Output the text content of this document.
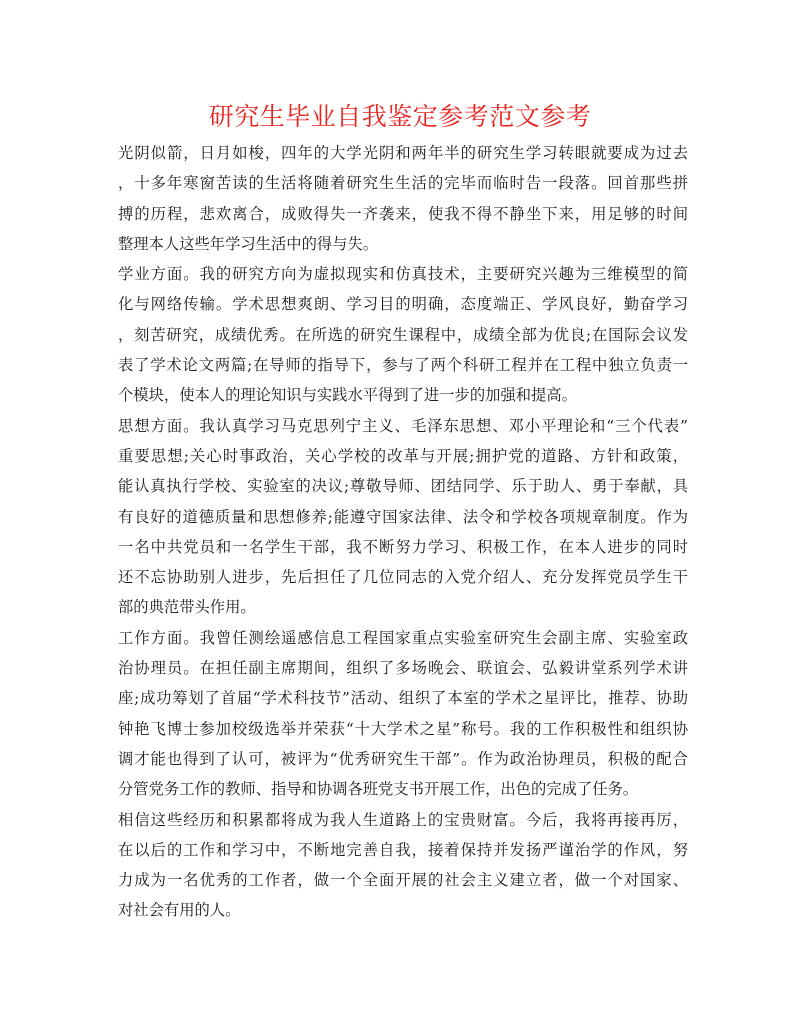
研究生毕业自我鉴定参考范文参考
光阴似箭，日月如梭，四年的大学光阴和两年半的研究生学习转眼就要成为过去
，十多年寒窗苦读的生活将随着研究生生活的完毕而临时告一段落。回首那些拼
搏的历程，悲欢离合，成败得失一齐袭来，使我不得不静坐下来，用足够的时间
整理本人这些年学习生活中的得与失。
学业方面。我的研究方向为虚拟现实和仿真技术，主要研究兴趣为三维模型的简
化与网络传输。学术思想爽朗、学习目的明确，态度端正、学风良好，勤奋学习
，刻苦研究，成绩优秀。在所选的研究生课程中，成绩全部为优良;在国际会议发
表了学术论文两篇;在导师的指导下，参与了两个科研工程并在工程中独立负责一
个模块，使本人的理论知识与实践水平得到了进一步的加强和提高。
思想方面。我认真学习马克思列宁主义、毛泽东思想、邓小平理论和“三个代表”
重要思想;关心时事政治，关心学校的改革与开展;拥护党的道路、方针和政策，
能认真执行学校、实验室的决议;尊敬导师、团结同学、乐于助人、勇于奉献，具
有良好的道德质量和思想修养;能遵守国家法律、法令和学校各项规章制度。作为
一名中共党员和一名学生干部，我不断努力学习、积极工作，在本人进步的同时
还不忘协助别人进步，先后担任了几位同志的入党介绍人、充分发挥党员学生干
部的典范带头作用。
工作方面。我曾任测绘遥感信息工程国家重点实验室研究生会副主席、实验室政
治协理员。在担任副主席期间，组织了多场晚会、联谊会、弘毅讲堂系列学术讲
座;成功筹划了首届“学术科技节”活动、组织了本室的学术之星评比，推荐、协助
钟艳飞博士参加校级选举并荣获“十大学术之星”称号。我的工作积极性和组织协
调才能也得到了认可，被评为“优秀研究生干部”。作为政治协理员，积极的配合
分管党务工作的教师、指导和协调各班党支书开展工作，出色的完成了任务。
相信这些经历和积累都将成为我人生道路上的宝贵财富。今后，我将再接再厉，
在以后的工作和学习中，不断地完善自我，接着保持并发扬严谨治学的作风，努
力成为一名优秀的工作者，做一个全面开展的社会主义建立者，做一个对国家、
对社会有用的人。
